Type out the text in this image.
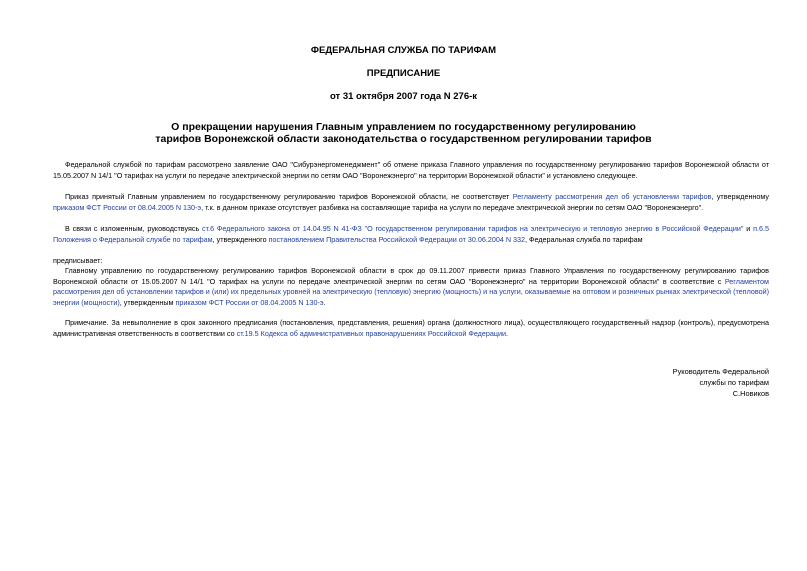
ФЕДЕРАЛЬНАЯ СЛУЖБА ПО ТАРИФАМ
ПРЕДПИСАНИЕ
от 31 октября 2007 года N 276-к
О прекращении нарушения Главным управлением по государственному регулированию
тарифов Воронежской области законодательства о государственном регулировании тарифов

Федеральной службой по тарифам рассмотрено заявление ОАО "Сибурэнергоменеджмент" об отмене приказа Главного управления по государственному регулированию тарифов Воронежской области от 15.05.2007 N 14/1 "О тарифах на услуги по передаче электрической энергии по сетям ОАО "Воронежэнерго" на территории Воронежской области" и установлено следующее.

Приказ принятый Главным управлением по государственному регулированию тарифов Воронежской области, не соответствует Регламенту рассмотрения дел об установлении тарифов, утвержденному приказом ФСТ России от 08.04.2005 N 130-э, т.к. в данном приказе отсутствует разбивка на составляющие тарифа на услуги по передаче электрической энергии по сетям ОАО "Воронежэнерго".

В связи с изложенным, руководствуясь ст.6 Федерального закона от 14.04.95 N 41-ФЗ "О государственном регулировании тарифов на электрическую и тепловую энергию в Российской Федерации" и п.6.5 Положения о Федеральной службе по тарифам, утвержденного постановлением Правительства Российской Федерации от 30.06.2004 N 332, Федеральная служба по тарифам

предписывает:

Главному управлению по государственному регулированию тарифов Воронежской области в срок до 09.11.2007 привести приказ Главного Управления по государственному регулированию тарифов Воронежской области от 15.05.2007 N 14/1 "О тарифах на услуги по передаче электрической энергии по сетям ОАО "Воронежэнерго" на территории Воронежской области" в соответствие с Регламентом рассмотрения дел об установлении тарифов и (или) их предельных уровней на электрическую (тепловую) энергию (мощность) и на услуги, оказываемые на оптовом и розничных рынках электрической (тепловой) энергии (мощности), утвержденным приказом ФСТ России от 08.04.2005 N 130-э.

Примечание. За невыполнение в срок законного предписания (постановления, представления, решения) органа (должностного лица), осуществляющего государственный надзор (контроль), предусмотрена административная ответственность в соответствии со ст.19.5 Кодекса об административных правонарушениях Российской Федерации.

Руководитель Федеральной
службы по тарифам
С.Новиков
